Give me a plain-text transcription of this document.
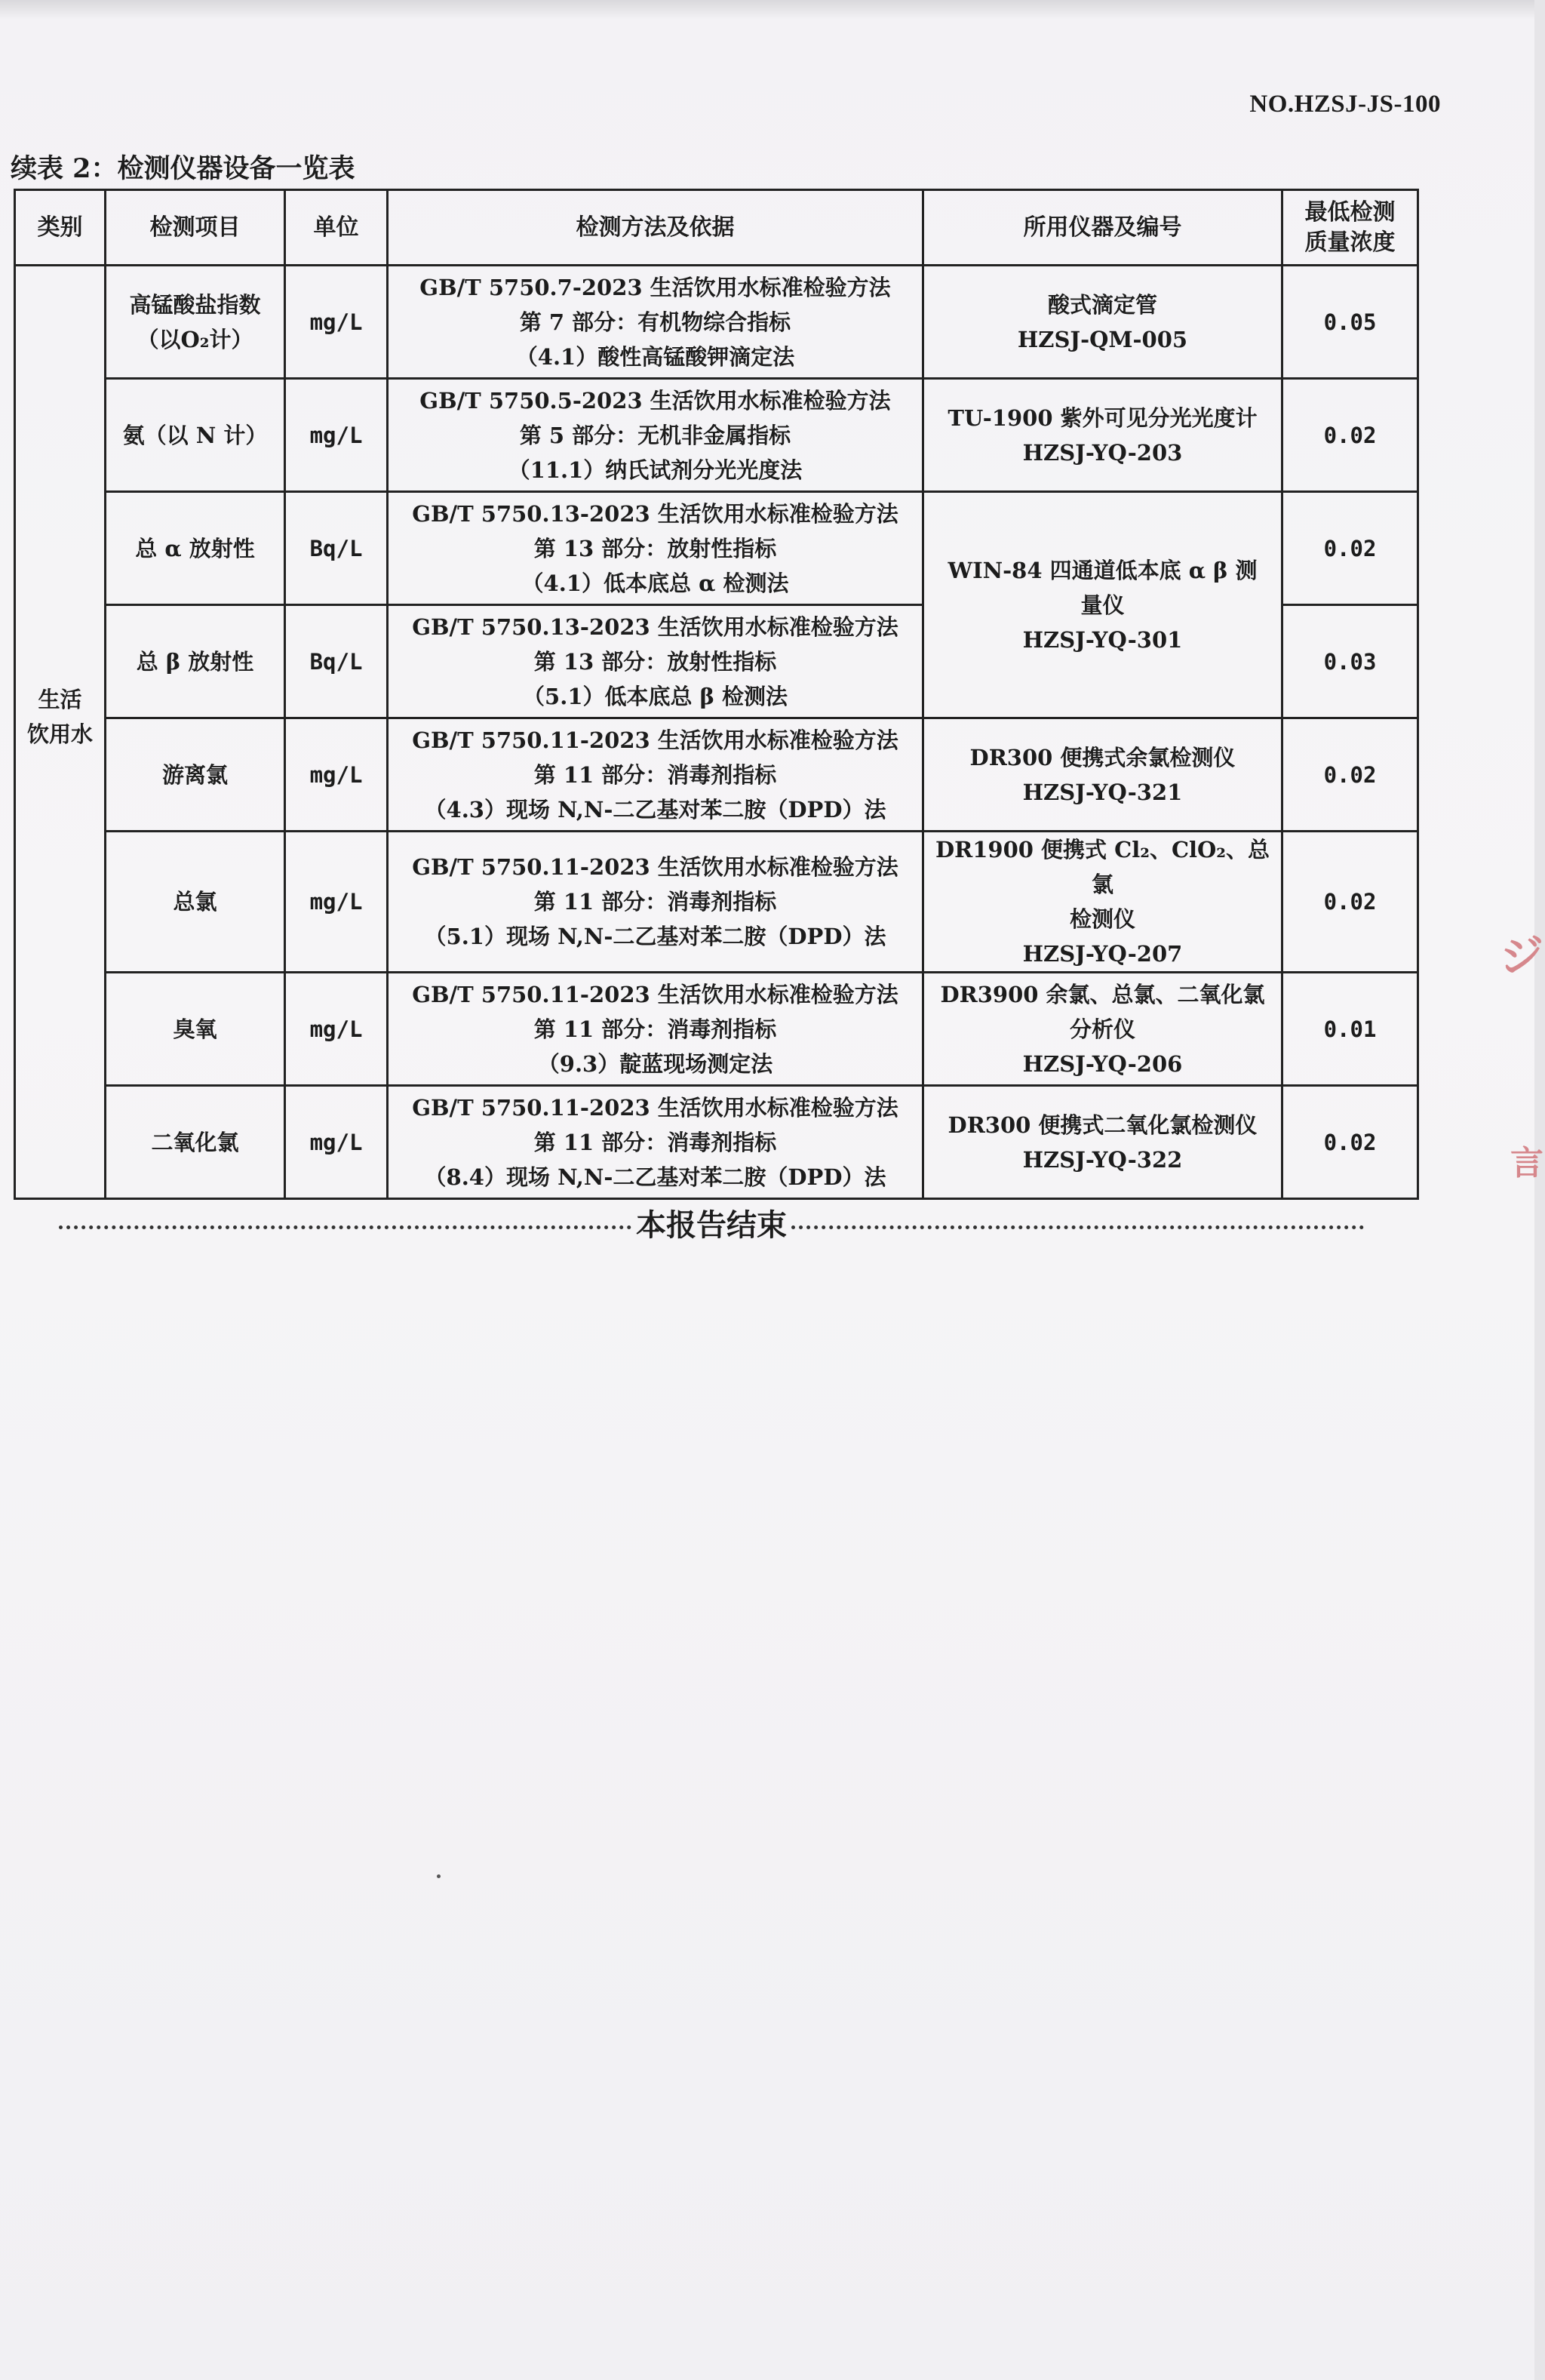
NO.HZSJ-JS-100
续表 2：检测仪器设备一览表
类别	检测项目	单位	检测方法及依据	所用仪器及编号	最低检测
质量浓度

生活
饮用水	高锰酸盐指数
（以O₂计）	mg/L	GB/T 5750.7-2023 生活饮用水标准检验方法
第 7 部分：有机物综合指标
（4.1）酸性高锰酸钾滴定法	酸式滴定管
HZSJ-QM-005	0.05

	氨（以 N 计）	mg/L	GB/T 5750.5-2023 生活饮用水标准检验方法
第 5 部分：无机非金属指标
（11.1）纳氏试剂分光光度法	TU-1900 紫外可见分光光度计
HZSJ-YQ-203	0.02

	总 α 放射性	Bq/L	GB/T 5750.13-2023 生活饮用水标准检验方法
第 13 部分：放射性指标
（4.1）低本底总 α 检测法	WIN-84 四通道低本底 α β 测
量仪
HZSJ-YQ-301	0.02

	总 β 放射性	Bq/L	GB/T 5750.13-2023 生活饮用水标准检验方法
第 13 部分：放射性指标
（5.1）低本底总 β 检测法		0.03

	游离氯	mg/L	GB/T 5750.11-2023 生活饮用水标准检验方法
第 11 部分：消毒剂指标
（4.3）现场 N,N-二乙基对苯二胺（DPD）法	DR300 便携式余氯检测仪
HZSJ-YQ-321	0.02

	总氯	mg/L	GB/T 5750.11-2023 生活饮用水标准检验方法
第 11 部分：消毒剂指标
（5.1）现场 N,N-二乙基对苯二胺（DPD）法	DR1900 便携式 Cl₂、ClO₂、总氯
检测仪
HZSJ-YQ-207	0.02

	臭氧	mg/L	GB/T 5750.11-2023 生活饮用水标准检验方法
第 11 部分：消毒剂指标
（9.3）靛蓝现场测定法	DR3900 余氯、总氯、二氧化氯
分析仪
HZSJ-YQ-206	0.01

	二氧化氯	mg/L	GB/T 5750.11-2023 生活饮用水标准检验方法
第 11 部分：消毒剂指标
（8.4）现场 N,N-二乙基对苯二胺（DPD）法	DR300 便携式二氧化氯检测仪
HZSJ-YQ-322	0.02
本报告结束
ジ
言
